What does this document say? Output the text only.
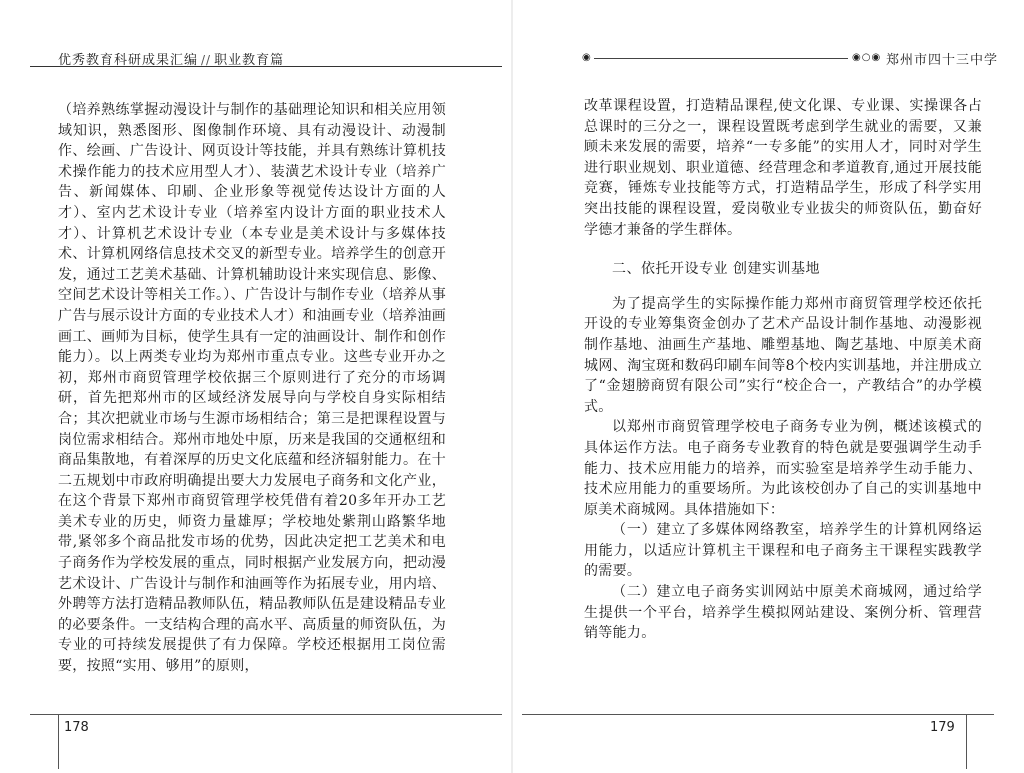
优秀教育科研成果汇编 // 职业教育篇

（培养熟练掌握动漫设计与制作的基础理论知识和相关应用领域知识，熟悉图形、图像制作环境、具有动漫设计、动漫制作、绘画、广告设计、网页设计等技能，并具有熟练计算机技术操作能力的技术应用型人才）、装潢艺术设计专业（培养广告、新闻媒体、印刷、企业形象等视觉传达设计方面的人才）、室内艺术设计专业（培养室内设计方面的职业技术人才）、计算机艺术设计专业（本专业是美术设计与多媒体技术、计算机网络信息技术交叉的新型专业。培养学生的创意开发，通过工艺美术基础、计算机辅助设计来实现信息、影像、空间艺术设计等相关工作。）、广告设计与制作专业（培养从事广告与展示设计方面的专业技术人才）和油画专业（培养油画画工、画师为目标，使学生具有一定的油画设计、制作和创作能力）。以上两类专业均为郑州市重点专业。这些专业开办之初，郑州市商贸管理学校依据三个原则进行了充分的市场调研，首先把郑州市的区域经济发展导向与学校自身实际相结合；其次把就业市场与生源市场相结合；第三是把课程设置与岗位需求相结合。郑州市地处中原，历来是我国的交通枢纽和商品集散地，有着深厚的历史文化底蕴和经济辐射能力。在十二五规划中市政府明确提出要大力发展电子商务和文化产业，在这个背景下郑州市商贸管理学校凭借有着20多年开办工艺美术专业的历史，师资力量雄厚；学校地处紫荆山路繁华地带,紧邻多个商品批发市场的优势，因此决定把工艺美术和电子商务作为学校发展的重点，同时根据产业发展方向，把动漫艺术设计、广告设计与制作和油画等作为拓展专业，用内培、外聘等方法打造精品教师队伍，精品教师队伍是建设精品专业的必要条件。一支结构合理的高水平、高质量的师资队伍，为专业的可持续发展提供了有力保障。学校还根据用工岗位需要，按照“实用、够用”的原则，

178
◉	◉○◉ 郑州市四十三中学

改革课程设置，打造精品课程,使文化课、专业课、实操课各占总课时的三分之一，课程设置既考虑到学生就业的需要，又兼顾未来发展的需要，培养“一专多能”的实用人才，同时对学生进行职业规划、职业道德、经营理念和孝道教育,通过开展技能竞赛，锤炼专业技能等方式，打造精品学生，形成了科学实用突出技能的课程设置，爱岗敬业专业拔尖的师资队伍，勤奋好学德才兼备的学生群体。

二、依托开设专业 创建实训基地

为了提高学生的实际操作能力郑州市商贸管理学校还依托开设的专业筹集资金创办了艺术产品设计制作基地、动漫影视制作基地、油画生产基地、雕塑基地、陶艺基地、中原美术商城网、淘宝斑和数码印刷车间等8个校内实训基地，并注册成立了“金翅膀商贸有限公司”实行“校企合一，产教结合”的办学模式。

以郑州市商贸管理学校电子商务专业为例，概述该模式的具体运作方法。电子商务专业教育的特色就是要强调学生动手能力、技术应用能力的培养，而实验室是培养学生动手能力、技术应用能力的重要场所。为此该校创办了自己的实训基地中原美术商城网。具体措施如下：

（一）建立了多媒体网络教室，培养学生的计算机网络运用能力，以适应计算机主干课程和电子商务主干课程实践教学的需要。

（二）建立电子商务实训网站中原美术商城网，通过给学生提供一个平台，培养学生模拟网站建设、案例分析、管理营销等能力。

179
